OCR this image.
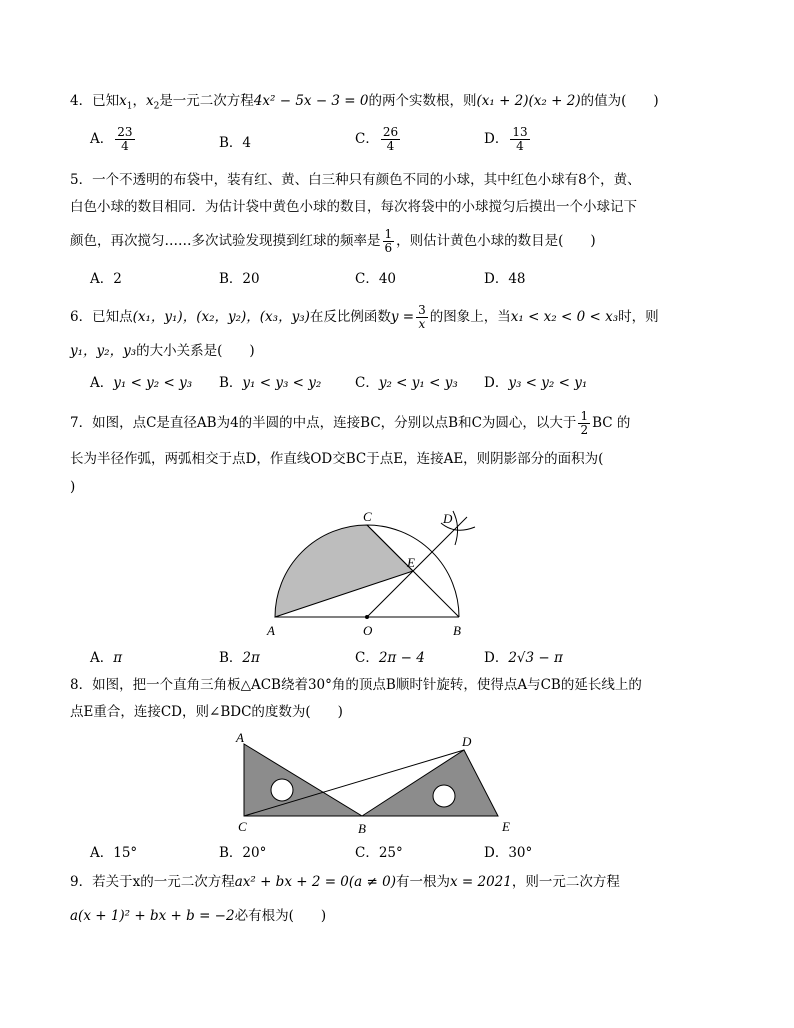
4．已知$x_1$，$x_2$是一元二次方程4x² − 5x − 3 = 0的两个实数根，则(x₁ + 2)(x₂ + 2)的值为(　　)
A． $\frac{23}{4}$	B．4	C． $\frac{26}{4}$	D． $\frac{13}{4}$
5．一个不透明的布袋中，装有红、黄、白三种只有颜色不同的小球，其中红色小球有8个，黄、
白色小球的数目相同．为估计袋中黄色小球的数目，每次将袋中的小球搅匀后摸出一个小球记下
颜色，再次搅匀……多次试验发现摸到红球的频率是 $\frac{1}{6}$ ，则估计黄色小球的数目是(　　)
A．2	B．20	C．40	D．48
6．已知点(x₁，y₁)，(x₂，y₂)，(x₃，y₃)在反比例函数$y = \frac{3}{x}$ 的图象上，当x₁ < x₂ < 0 < x₃时，则
y₁，y₂，y₃的大小关系是(　　)
A．y₁ < y₂ < y₃ B．y₁ < y₃ < y₂ C．y₂ < y₁ < y₃ D．y₃ < y₂ < y₁
7．如图，点C是直径AB为4的半圆的中点，连接BC，分别以点B和C为圆心，以大于 $\frac{1}{2}$ BC 的
长为半径作弧，两弧相交于点D，作直线OD交BC于点E，连接AE，则阴影部分的面积为(
)
A	O	B
C
E
D
A．π	B．2π	C．2π − 4	D．2√3 − π
8．如图，把一个直角三角板△ACB绕着30°角的顶点B顺时针旋转，使得点A与CB的延长线上的
点E重合，连接CD，则∠BDC的度数为(　　)
A
C	B
D
E
A．15°	B．20°	C．25°	D．30°
9．若关于x的一元二次方程ax² + bx + 2 = 0(a ≠ 0)有一根为x = 2021，则一元二次方程
a(x + 1)² + bx + b = −2必有根为(　　)
